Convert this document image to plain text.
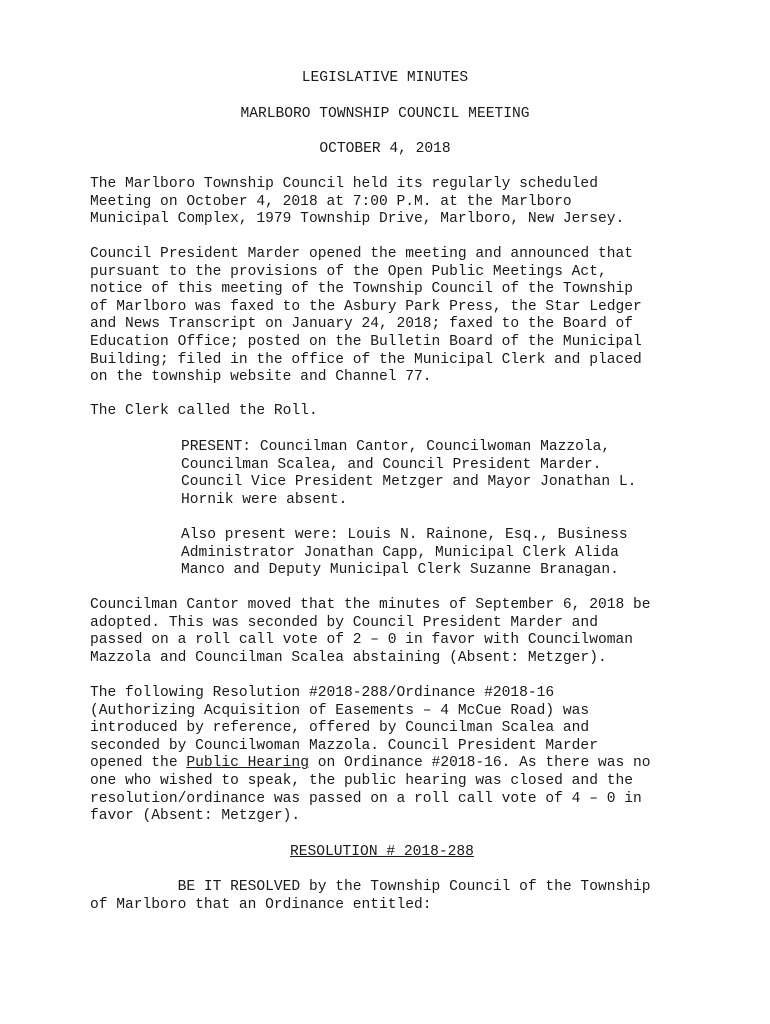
LEGISLATIVE MINUTES

MARLBORO TOWNSHIP COUNCIL MEETING

OCTOBER 4, 2018

The Marlboro Township Council held its regularly scheduled
Meeting on October 4, 2018 at 7:00 P.M. at the Marlboro
Municipal Complex, 1979 Township Drive, Marlboro, New Jersey.

Council President Marder opened the meeting and announced that
pursuant to the provisions of the Open Public Meetings Act,
notice of this meeting of the Township Council of the Township
of Marlboro was faxed to the Asbury Park Press, the Star Ledger
and News Transcript on January 24, 2018; faxed to the Board of
Education Office; posted on the Bulletin Board of the Municipal
Building; filed in the office of the Municipal Clerk and placed
on the township website and Channel 77.

The Clerk called the Roll.

PRESENT: Councilman Cantor, Councilwoman Mazzola,
Councilman Scalea, and Council President Marder.
Council Vice President Metzger and Mayor Jonathan L.
Hornik were absent.

Also present were: Louis N. Rainone, Esq., Business
Administrator Jonathan Capp, Municipal Clerk Alida
Manco and Deputy Municipal Clerk Suzanne Branagan.

Councilman Cantor moved that the minutes of September 6, 2018 be
adopted. This was seconded by Council President Marder and
passed on a roll call vote of 2 – 0 in favor with Councilwoman
Mazzola and Councilman Scalea abstaining (Absent: Metzger).

The following Resolution #2018-288/Ordinance #2018-16
(Authorizing Acquisition of Easements – 4 McCue Road) was
introduced by reference, offered by Councilman Scalea and
seconded by Councilwoman Mazzola. Council President Marder
opened the Public Hearing on Ordinance #2018-16. As there was no
one who wished to speak, the public hearing was closed and the
resolution/ordinance was passed on a roll call vote of 4 – 0 in
favor (Absent: Metzger).

RESOLUTION # 2018-288

BE IT RESOLVED by the Township Council of the Township
of Marlboro that an Ordinance entitled:
